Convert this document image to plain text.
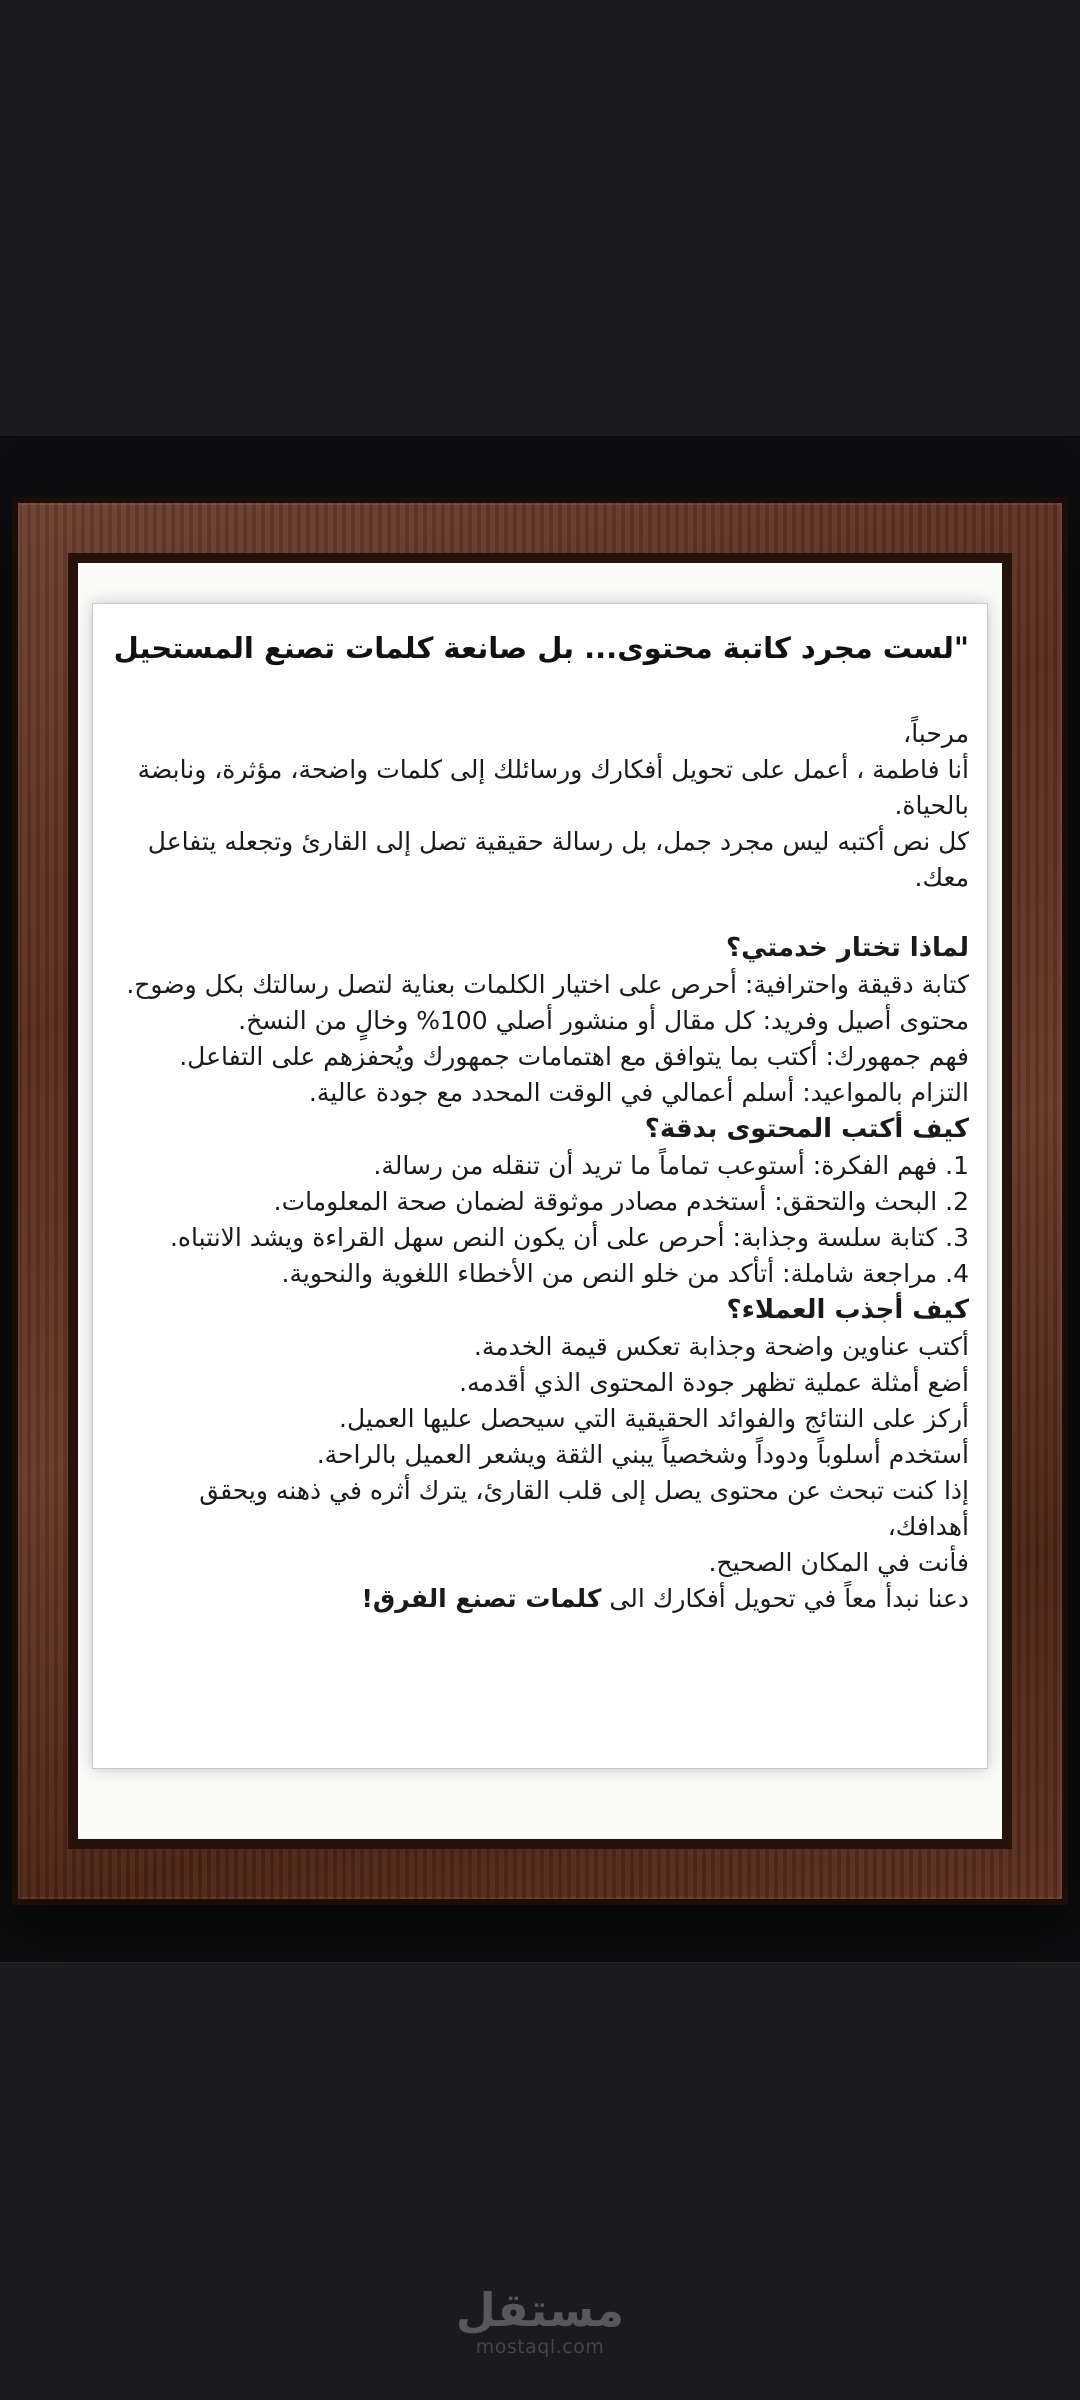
"لست مجرد كاتبة محتوى... بل صانعة كلمات تصنع المستحيل
مرحباً،
أنا فاطمة ، أعمل على تحويل أفكارك ورسائلك إلى كلمات واضحة، مؤثرة، ونابضة بالحياة.
كل نص أكتبه ليس مجرد جمل، بل رسالة حقيقية تصل إلى القارئ وتجعله يتفاعل معك.
لماذا تختار خدمتي؟
كتابة دقيقة واحترافية: أحرص على اختيار الكلمات بعناية لتصل رسالتك بكل وضوح.
محتوى أصيل وفريد: كل مقال أو منشور أصلي 100% وخالٍ من النسخ.
فهم جمهورك: أكتب بما يتوافق مع اهتمامات جمهورك ويُحفزهم على التفاعل.
التزام بالمواعيد: أسلم أعمالي في الوقت المحدد مع جودة عالية.
كيف أكتب المحتوى بدقة؟
1. فهم الفكرة: أستوعب تماماً ما تريد أن تنقله من رسالة.
2. البحث والتحقق: أستخدم مصادر موثوقة لضمان صحة المعلومات.
3. كتابة سلسة وجذابة: أحرص على أن يكون النص سهل القراءة ويشد الانتباه.
4. مراجعة شاملة: أتأكد من خلو النص من الأخطاء اللغوية والنحوية.
كيف أجذب العملاء؟
أكتب عناوين واضحة وجذابة تعكس قيمة الخدمة.
أضع أمثلة عملية تظهر جودة المحتوى الذي أقدمه.
أركز على النتائج والفوائد الحقيقية التي سيحصل عليها العميل.
أستخدم أسلوباً ودوداً وشخصياً يبني الثقة ويشعر العميل بالراحة.
إذا كنت تبحث عن محتوى يصل إلى قلب القارئ، يترك أثره في ذهنه ويحقق أهدافك،
فأنت في المكان الصحيح.
دعنا نبدأ معاً في تحويل أفكارك الى كلمات تصنع الفرق!
مستقل
mostaql.com
